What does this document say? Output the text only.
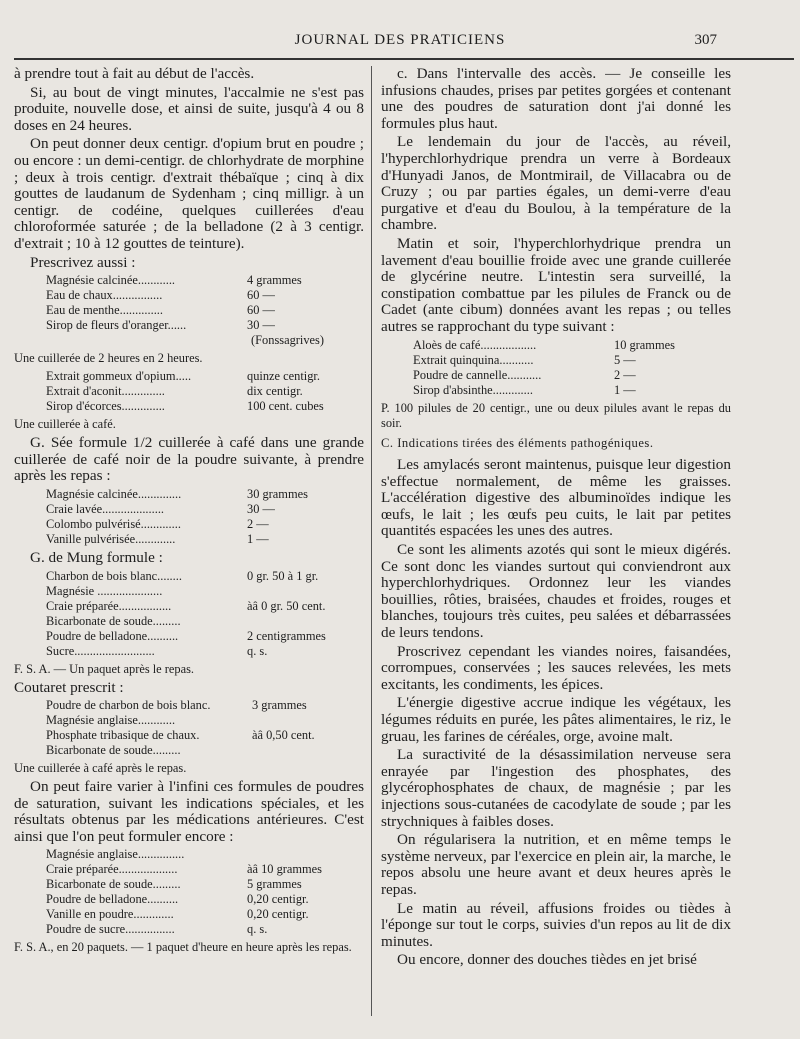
JOURNAL DES PRATICIENS	307

à prendre tout à fait au début de l'accès.

Si, au bout de vingt minutes, l'accalmie ne s'est pas produite, nouvelle dose, et ainsi de suite, jusqu'à 4 ou 8 doses en 24 heures.

On peut donner deux centigr. d'opium brut en poudre ; ou encore : un demi-centigr. de chlorhydrate de morphine ; deux à trois centigr. d'extrait thébaïque ; cinq à dix gouttes de laudanum de Sydenham ; cinq milligr. à un centigr. de codéine, quelques cuillerées d'eau chloroformée saturée ; de la belladone (2 à 3 centigr. d'extrait ; 10 à 12 gouttes de teinture).

Prescrivez aussi :

Magnésie calcinée............	4 grammes
Eau de chaux................	60 —
Eau de menthe..............	60 —
Sirop de fleurs d'oranger......	30 —
(Fonssagrives)

Une cuillerée de 2 heures en 2 heures.

Extrait gommeux d'opium.....	quinze centigr.
Extrait d'aconit..............	dix centigr.
Sirop d'écorces..............	100 cent. cubes

Une cuillerée à café.

G. Sée formule 1/2 cuillerée à café dans une grande cuillerée de café noir de la poudre suivante, à prendre après les repas :

Magnésie calcinée..............	30 grammes
Craie lavée....................	30 —
Colombo pulvérisé.............	2 —
Vanille pulvérisée.............	1 —

G. de Mung formule :

Charbon de bois blanc........	0 gr. 50 à 1 gr.
Magnésie .....................
Craie préparée.................	àâ 0 gr. 50 cent.
Bicarbonate de soude.........
Poudre de belladone..........	2 centigrammes
Sucre..........................	q. s.

F. S. A. — Un paquet après le repas.

Coutaret prescrit :

Poudre de charbon de bois blanc.	3 grammes
Magnésie anglaise............
Phosphate tribasique de chaux.	àâ 0,50 cent.
Bicarbonate de soude.........

Une cuillerée à café après le repas.

On peut faire varier à l'infini ces formules de poudres de saturation, suivant les indications spéciales, et les résultats obtenus par les médications antérieures. C'est ainsi que l'on peut formuler encore :

Magnésie anglaise...............
Craie préparée...................	àâ 10 grammes
Bicarbonate de soude.........	5 grammes
Poudre de belladone..........	0,20 centigr.
Vanille en poudre.............	0,20 centigr.
Poudre de sucre................	q. s.

F. S. A., en 20 paquets. — 1 paquet d'heure en heure après les repas.

c. Dans l'intervalle des accès. — Je conseille les infusions chaudes, prises par petites gorgées et contenant une des poudres de saturation dont j'ai donné les formules plus haut.

Le lendemain du jour de l'accès, au réveil, l'hyperchlorhydrique prendra un verre à Bordeaux d'Hunyadi Janos, de Montmirail, de Villacabra ou de Cruzy ; ou par parties égales, un demi-verre d'eau purgative et d'eau du Boulou, à la température de la chambre.

Matin et soir, l'hyperchlorhydrique prendra un lavement d'eau bouillie froide avec une grande cuillerée de glycérine neutre. L'intestin sera surveillé, la constipation combattue par les pilules de Franck ou de Cadet (ante cibum) données avant les repas ; ou telles autres se rapprochant du type suivant :

Aloès de café..................	10 grammes
Extrait quinquina...........	5 —
Poudre de cannelle...........	2 —
Sirop d'absinthe.............	1 —

P. 100 pilules de 20 centigr., une ou deux pilules avant le repas du soir.

C. Indications tirées des éléments pathogéniques.

Les amylacés seront maintenus, puisque leur digestion s'effectue normalement, de même les graisses. L'accélération digestive des albuminoïdes indique les œufs, le lait ; les œufs peu cuits, le lait par petites quantités espacées les unes des autres.

Ce sont les aliments azotés qui sont le mieux digérés. Ce sont donc les viandes surtout qui conviendront aux hyperchlorhydriques. Ordonnez leur les viandes bouillies, rôties, braisées, chaudes et froides, rouges et blanches, toujours très cuites, peu salées et débarrassées de leurs tendons.

Proscrivez cependant les viandes noires, faisandées, corrompues, conservées ; les sauces relevées, les mets excitants, les condiments, les épices.

L'énergie digestive accrue indique les végétaux, les légumes réduits en purée, les pâtes alimentaires, le riz, le gruau, les farines de céréales, orge, avoine malt.

La suractivité de la désassimilation nerveuse sera enrayée par l'ingestion des phosphates, des glycérophosphates de chaux, de magnésie ; par les injections sous-cutanées de cacodylate de soude ; par les strychniques à faibles doses.

On régularisera la nutrition, et en même temps le système nerveux, par l'exercice en plein air, la marche, le repos absolu une heure avant et deux heures après le repas.

Le matin au réveil, affusions froides ou tièdes à l'éponge sur tout le corps, suivies d'un repos au lit de dix minutes.

Ou encore, donner des douches tièdes en jet brisé
